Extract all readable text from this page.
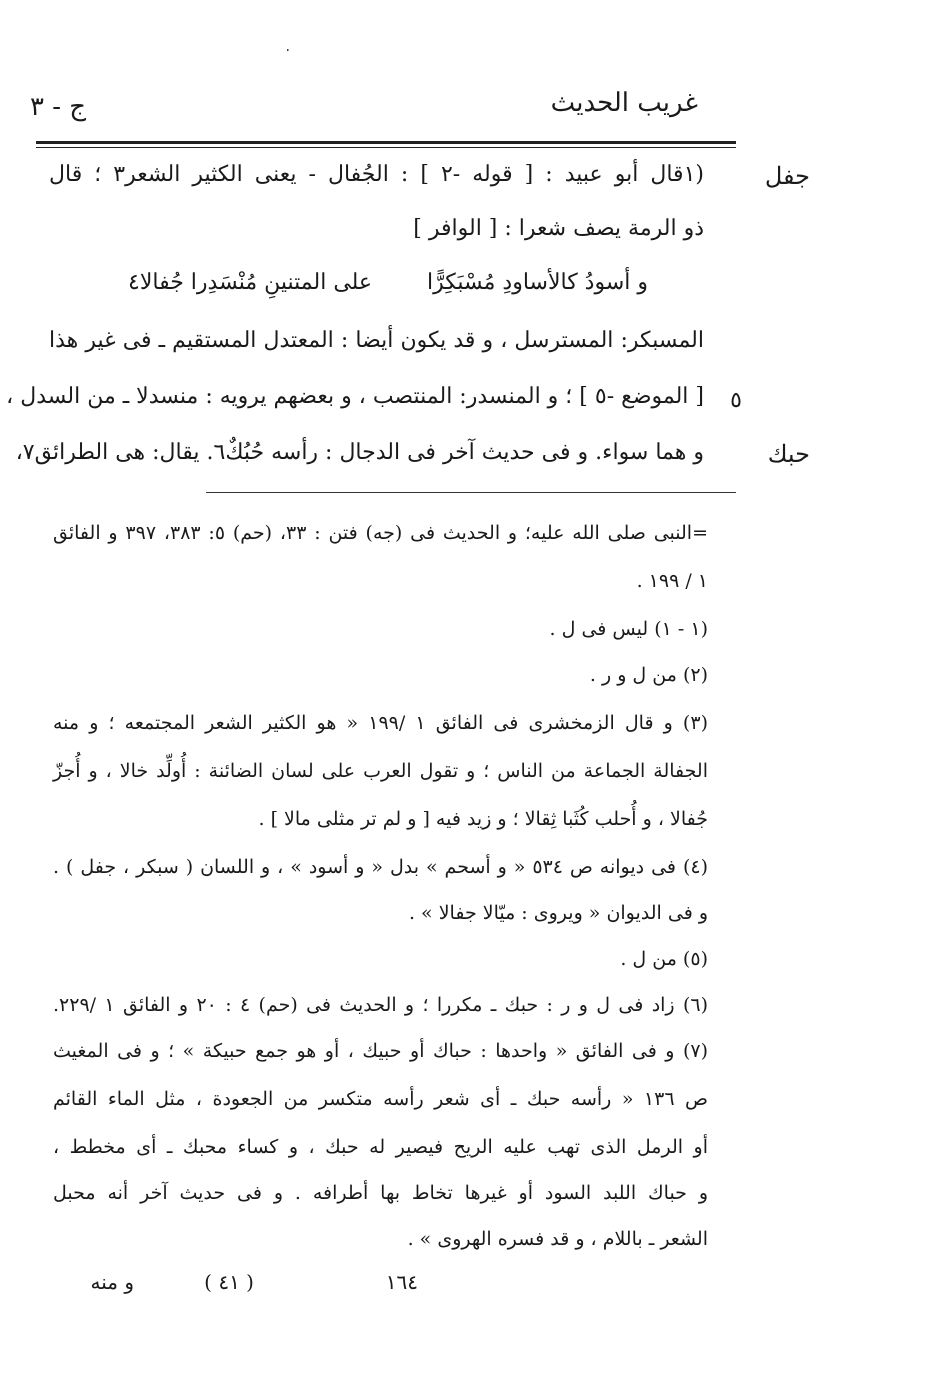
٠
غريب الحديث
ج - ٣
جفل
حبك
٥
(١قال أبو عبيد : [ قوله -٢ ] : الجُفال - يعنى الكثير الشعر٣ ؛ قال
ذو الرمة يصف شعرا : [ الوافر ]
و أسودُ كالأساودِ مُسْبَكِرًّا
على المتنينِ مُنْسَدِرا جُفالا٤
المسبكر: المسترسل ، و قد يكون أيضا : المعتدل المستقيم ـ فى غير هذا
[ الموضع -٥ ] ؛ و المنسدر: المنتصب ، و بعضهم يرويه : منسدلا ـ من السدل ،
و هما سواء. و فى حديث آخر فى الدجال : رأسه حُبُكٌ٦. يقال: هى الطرائق٧،
=النبى صلى الله عليه؛ و الحديث فى (جه) فتن : ٣٣، (حم) ٥: ٣٨٣، ٣٩٧ و الفائق
١ / ١٩٩ .
(١ - ١) ليس فى ل .
(٢) من ل و ر .
(٣) و قال الزمخشرى فى الفائق ١ /١٩٩ « هو الكثير الشعر المجتمعه ؛ و منه
الجفالة الجماعة من الناس ؛ و تقول العرب على لسان الضائنة : أُولِّد خالا ، و أُجزّ
جُفالا ، و أُحلب كُثَبا ثِقالا ؛ و زيد فيه [ و لم تر مثلى مالا ] .
(٤) فى ديوانه ص ٥٣٤ « و أسحم » بدل « و أسود » ، و اللسان ( سبكر ، جفل ) .
و فى الديوان « ويروى : ميّالا جفالا » .
(٥) من ل .
(٦) زاد فى ل و ر : حبك ـ مكررا ؛ و الحديث فى (حم) ٤ : ٢٠ و الفائق ١ /٢٢٩.
(٧) و فى الفائق « واحدها : حباك أو حبيك ، أو هو جمع حبيكة » ؛ و فى المغيث
ص ١٣٦ « رأسه حبك ـ أى شعر رأسه متكسر من الجعودة ، مثل الماء القائم
أو الرمل الذى تهب عليه الريح فيصير له حبك ، و كساء محبك ـ أى مخطط ،
و حباك اللبد السود أو غيرها تخاط بها أطرافه . و فى حديث آخر أنه محبل
الشعر ـ باللام ، و قد فسره الهروى » .
١٦٤
( ٤١ )
و منه
